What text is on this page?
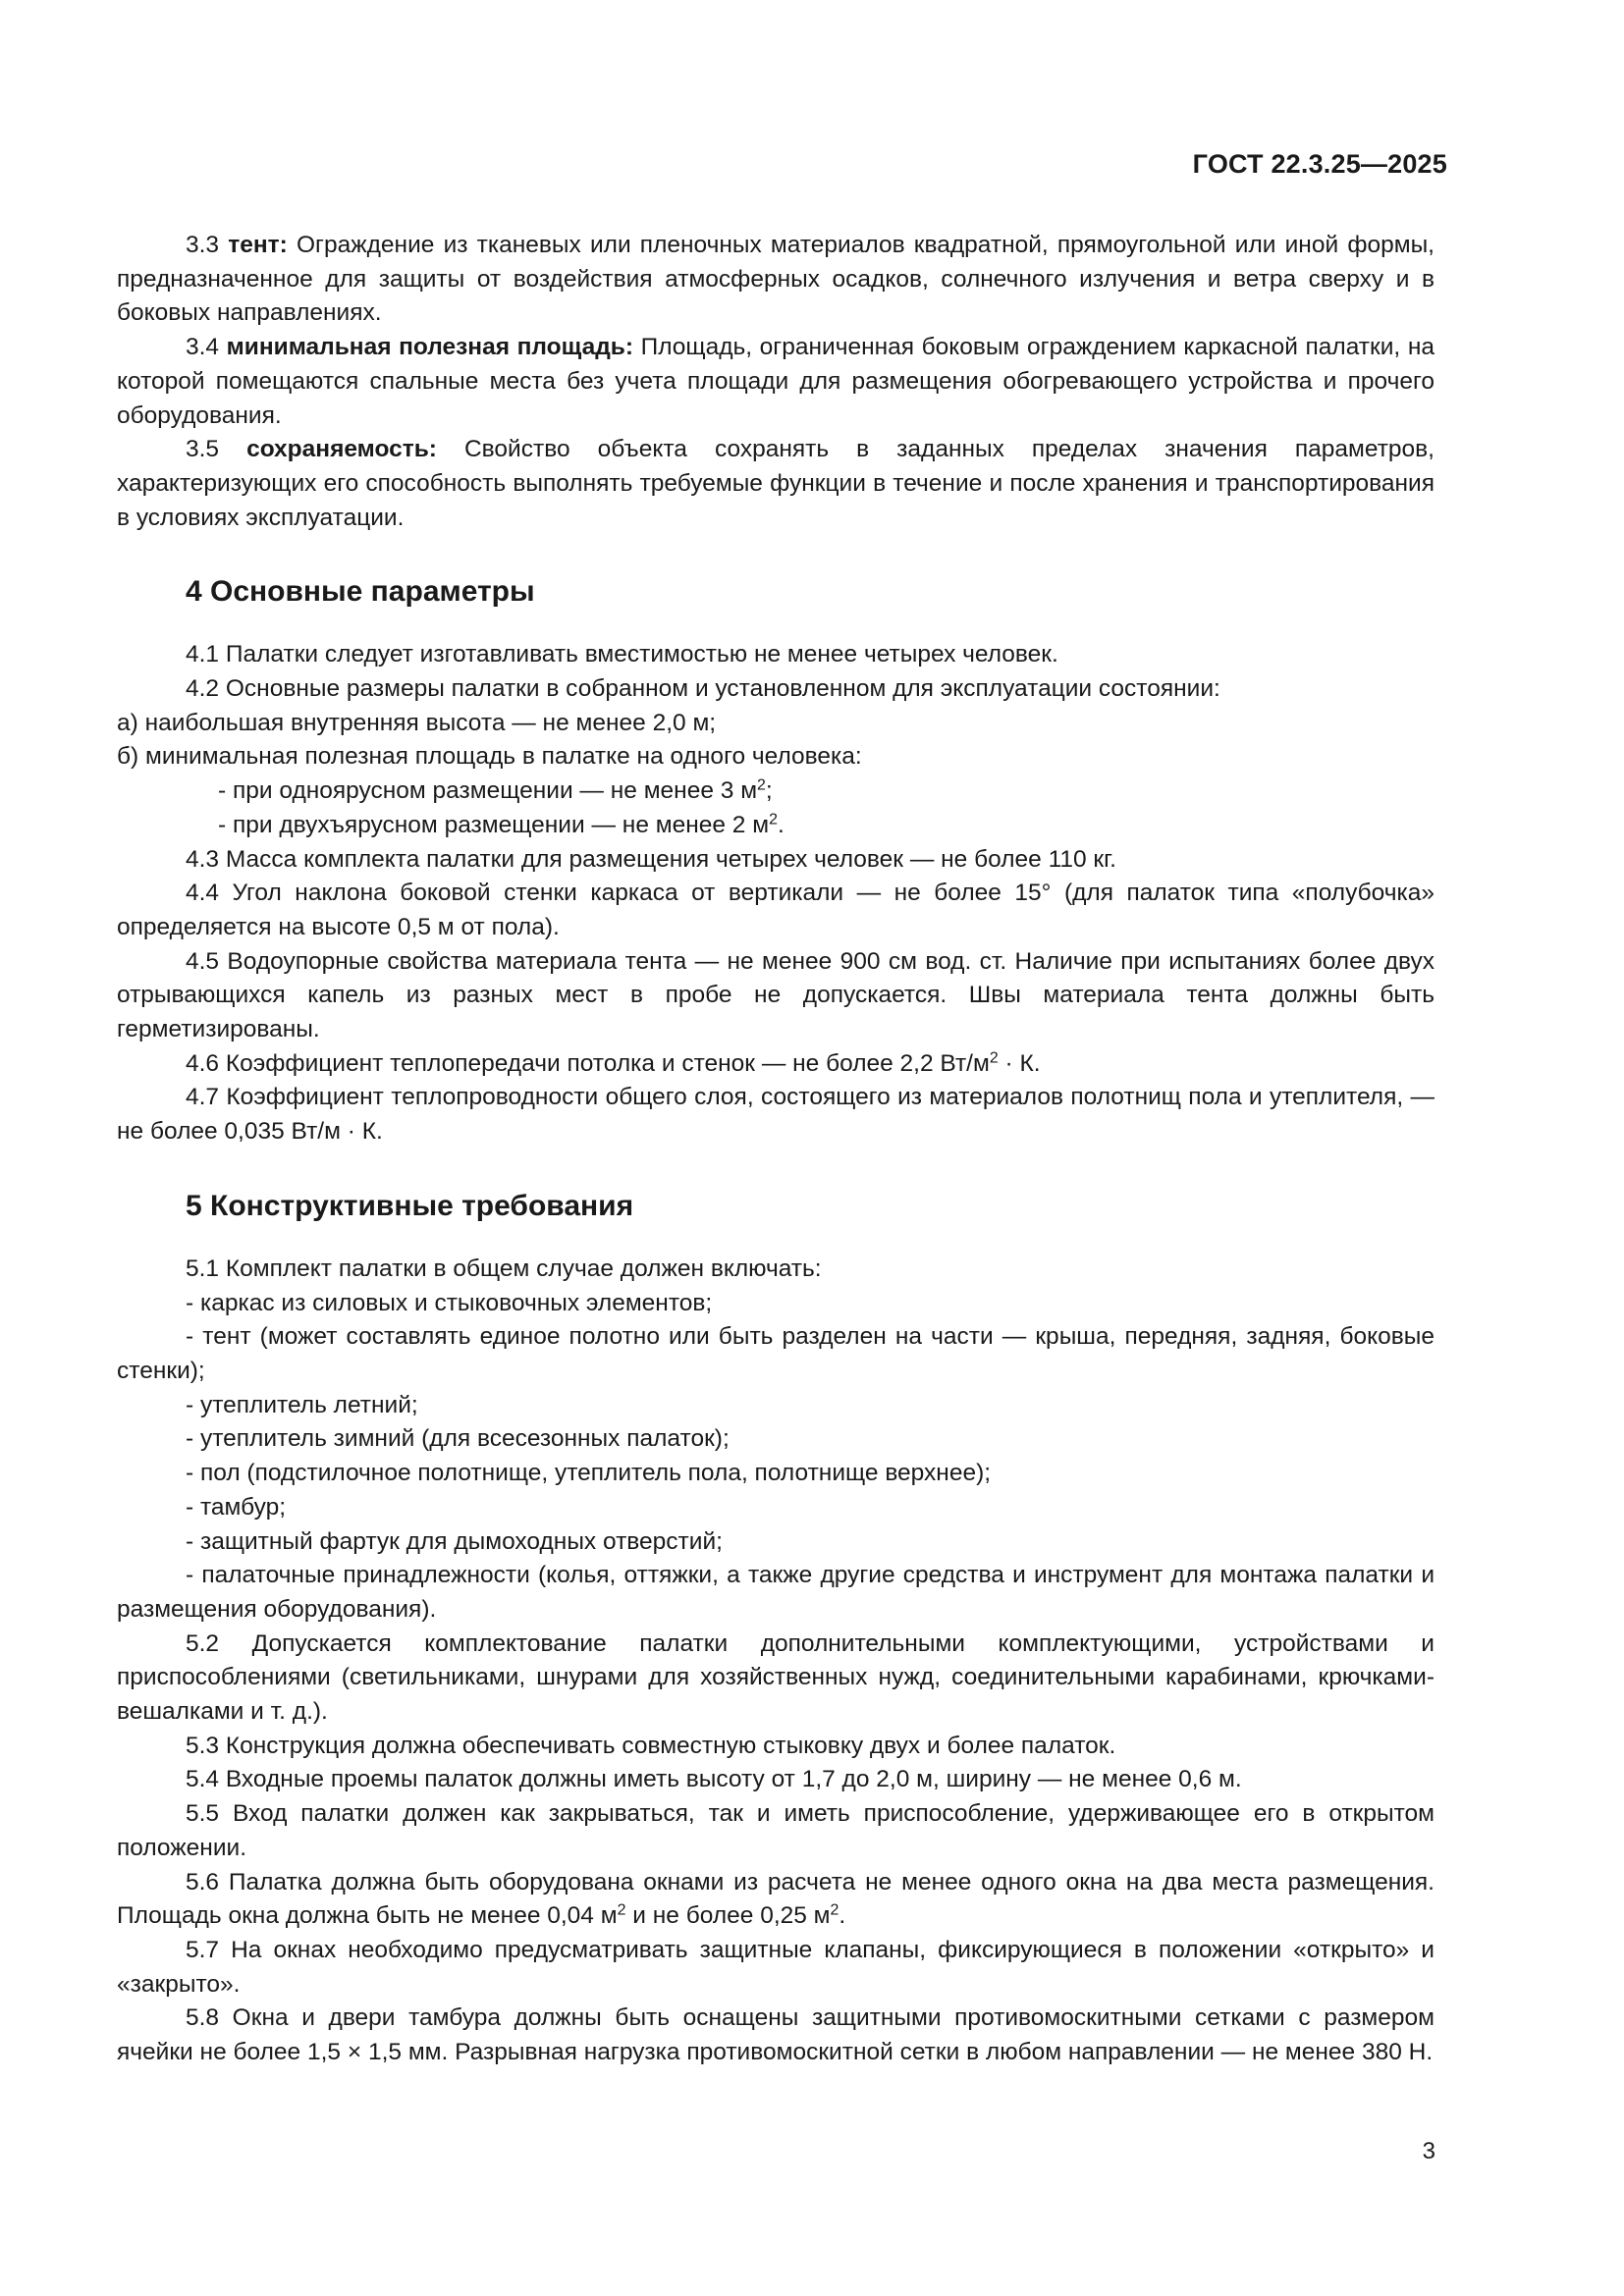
ГОСТ 22.3.25—2025

3.3 тент: Ограждение из тканевых или пленочных материалов квадратной, прямоугольной или иной формы, предназначенное для защиты от воздействия атмосферных осадков, солнечного излучения и ветра сверху и в боковых направлениях.

3.4 минимальная полезная площадь: Площадь, ограниченная боковым ограждением каркасной палатки, на которой помещаются спальные места без учета площади для размещения обогревающего устройства и прочего оборудования.

3.5 сохраняемость: Свойство объекта сохранять в заданных пределах значения параметров, характеризующих его способность выполнять требуемые функции в течение и после хранения и транспортирования в условиях эксплуатации.

4 Основные параметры

4.1 Палатки следует изготавливать вместимостью не менее четырех человек.

4.2 Основные размеры палатки в собранном и установленном для эксплуатации состоянии:

а) наибольшая внутренняя высота — не менее 2,0 м;

б) минимальная полезная площадь в палатке на одного человека:

- при одноярусном размещении — не менее 3 $м^2$;

- при двухъярусном размещении — не менее 2 $м^2$.

4.3 Масса комплекта палатки для размещения четырех человек — не более 110 кг.

4.4 Угол наклона боковой стенки каркаса от вертикали — не более 15° (для палаток типа «полубочка» определяется на высоте 0,5 м от пола).

4.5 Водоупорные свойства материала тента — не менее 900 см вод. ст. Наличие при испытаниях более двух отрывающихся капель из разных мест в пробе не допускается. Швы материала тента должны быть герметизированы.

4.6 Коэффициент теплопередачи потолка и стенок — не более 2,2 $Вт/м^2 \cdot К$.

4.7 Коэффициент теплопроводности общего слоя, состоящего из материалов полотнищ пола и утеплителя, — не более 0,035 Вт/м · К.

5 Конструктивные требования

5.1 Комплект палатки в общем случае должен включать:

- каркас из силовых и стыковочных элементов;

- тент (может составлять единое полотно или быть разделен на части — крыша, передняя, задняя, боковые стенки);

- утеплитель летний;

- утеплитель зимний (для всесезонных палаток);

- пол (подстилочное полотнище, утеплитель пола, полотнище верхнее);

- тамбур;

- защитный фартук для дымоходных отверстий;

- палаточные принадлежности (колья, оттяжки, а также другие средства и инструмент для монтажа палатки и размещения оборудования).

5.2 Допускается комплектование палатки дополнительными комплектующими, устройствами и приспособлениями (светильниками, шнурами для хозяйственных нужд, соединительными карабинами, крючками-вешалками и т. д.).

5.3 Конструкция должна обеспечивать совместную стыковку двух и более палаток.

5.4 Входные проемы палаток должны иметь высоту от 1,7 до 2,0 м, ширину — не менее 0,6 м.

5.5 Вход палатки должен как закрываться, так и иметь приспособление, удерживающее его в открытом положении.

5.6 Палатка должна быть оборудована окнами из расчета не менее одного окна на два места размещения. Площадь окна должна быть не менее 0,04 $м^2$ и не более 0,25 $м^2$.

5.7 На окнах необходимо предусматривать защитные клапаны, фиксирующиеся в положении «открыто» и «закрыто».

5.8 Окна и двери тамбура должны быть оснащены защитными противомоскитными сетками с размером ячейки не более 1,5 × 1,5 мм. Разрывная нагрузка противомоскитной сетки в любом направлении — не менее 380 Н.

3
